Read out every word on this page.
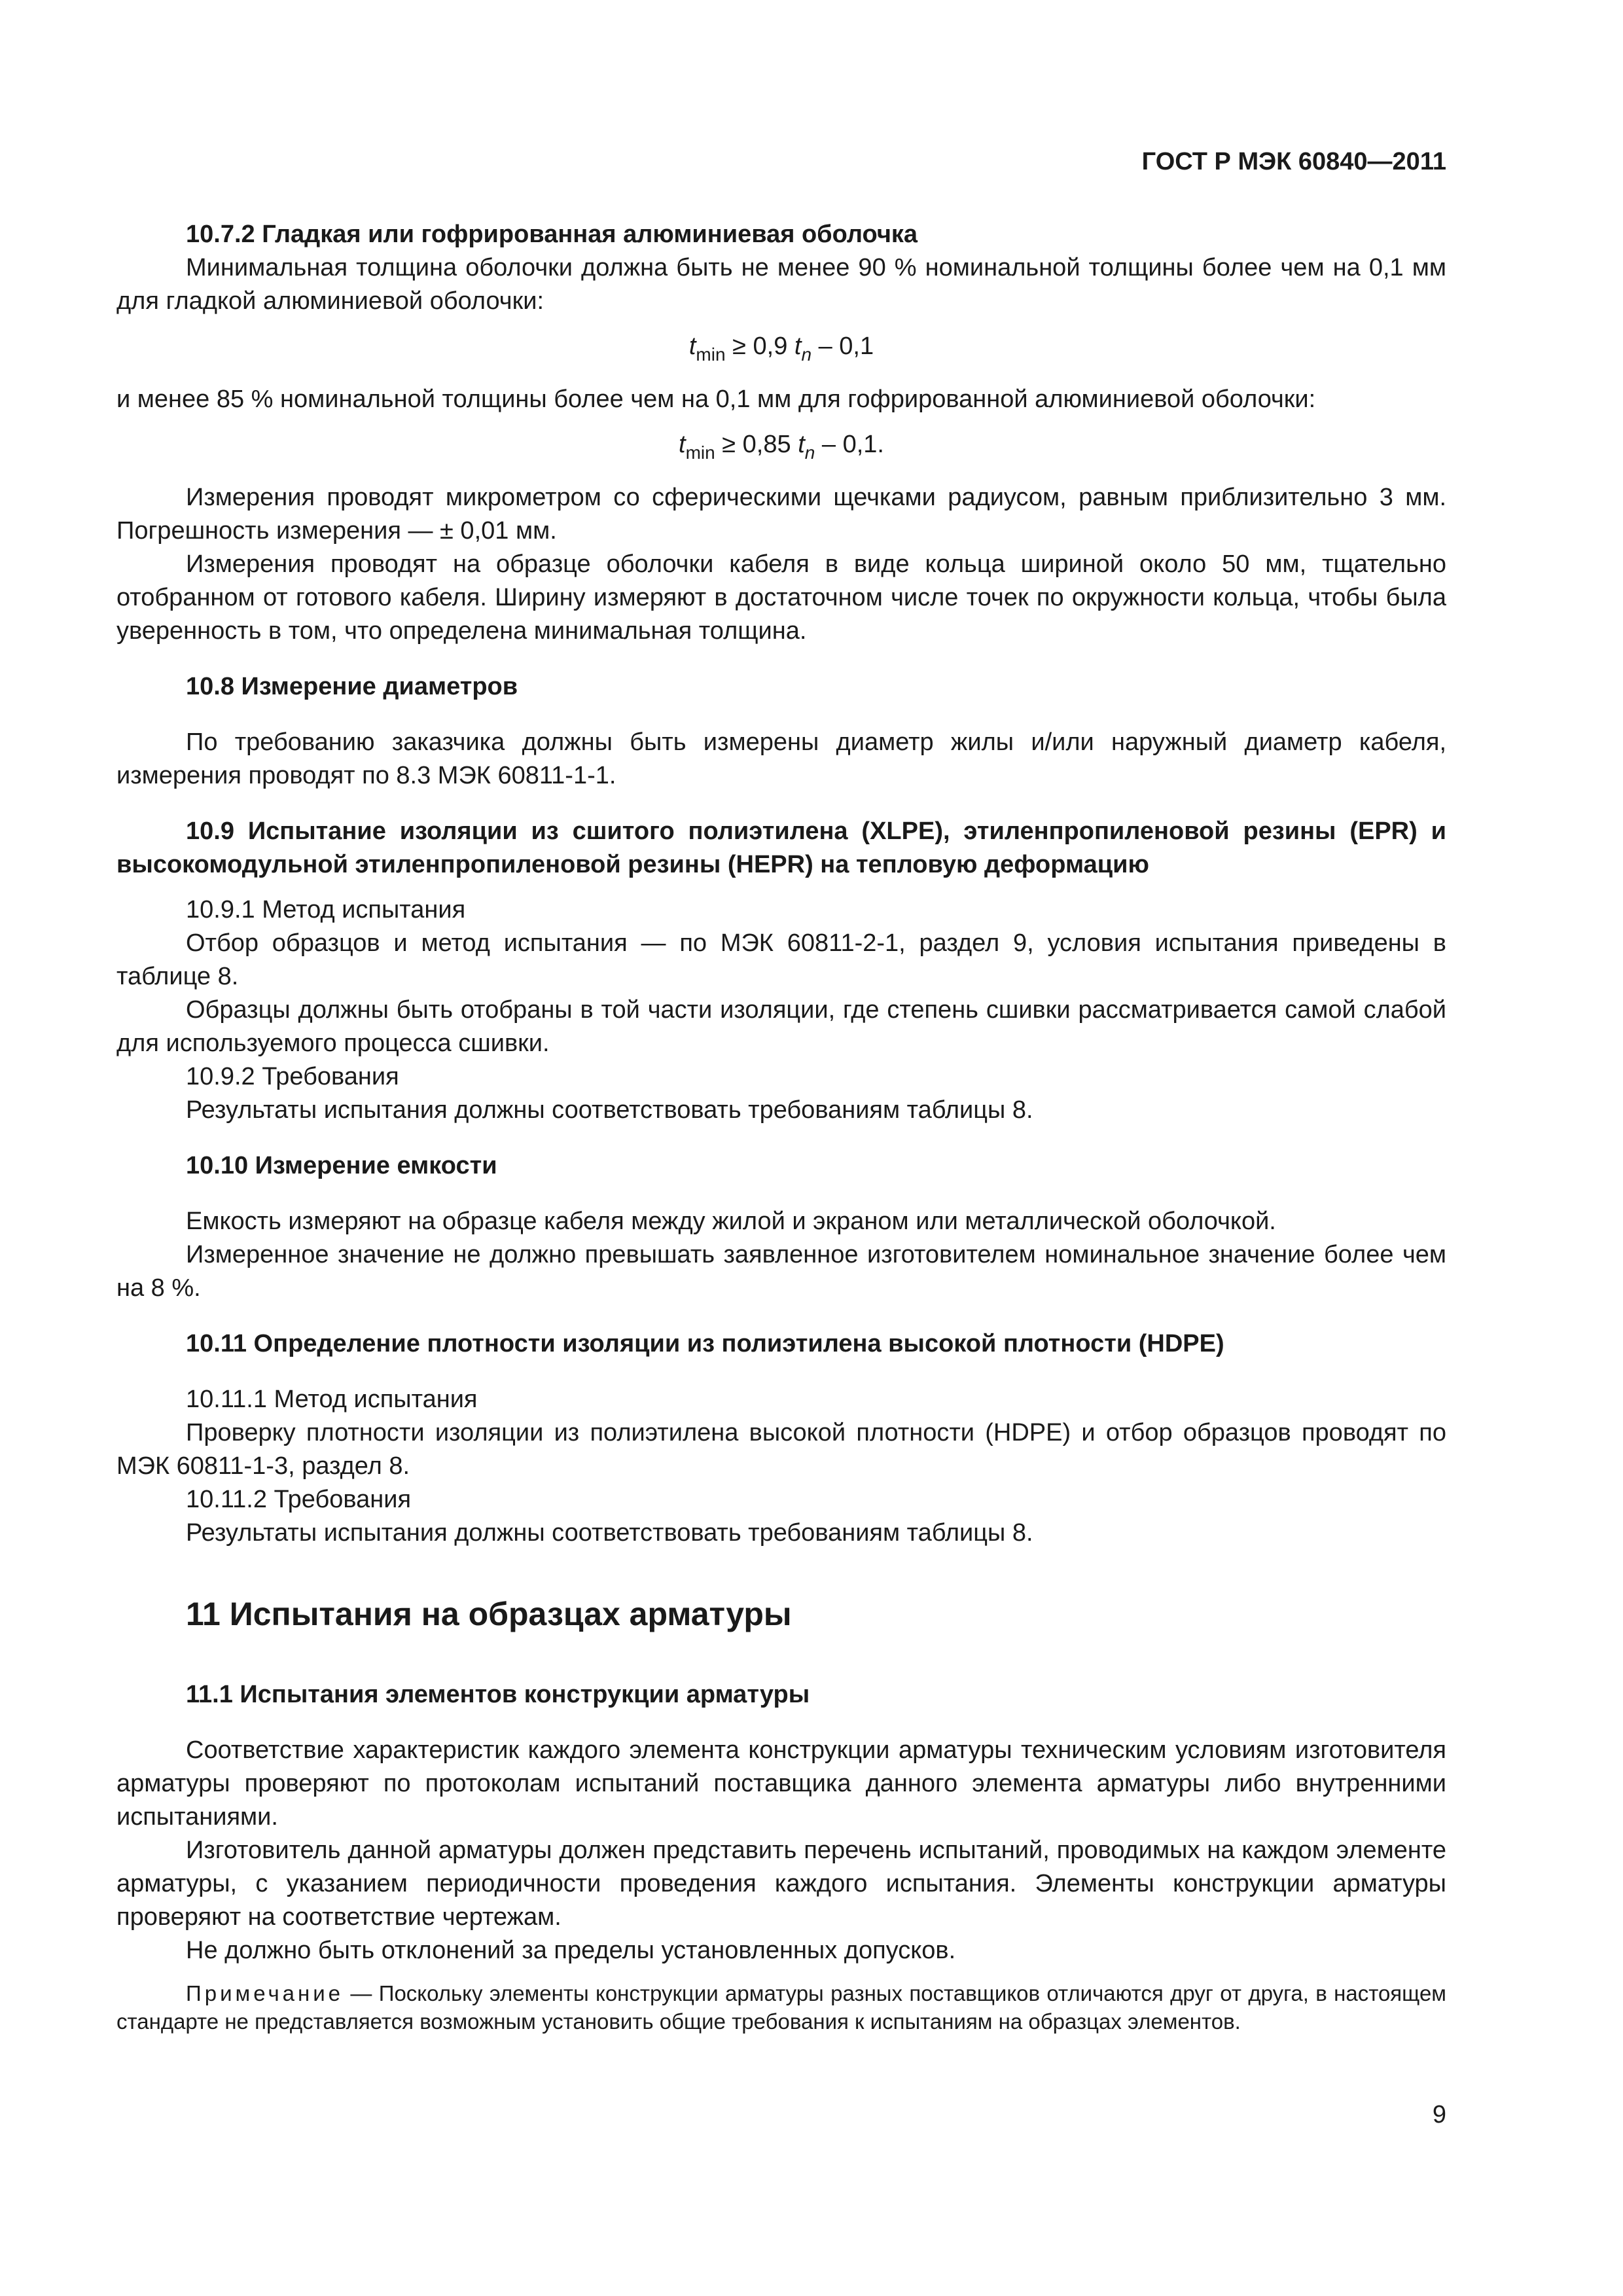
ГОСТ Р МЭК 60840—2011
10.7.2 Гладкая или гофрированная алюминиевая оболочка

Минимальная толщина оболочки должна быть не менее 90 % номинальной толщины более чем на 0,1 мм для гладкой алюминиевой оболочки:

$t_{min} \ge 0,9$ $t_n - 0,1$

и менее 85 % номинальной толщины более чем на 0,1 мм для гофрированной алюминиевой оболочки:

$t_{min} \ge 0,85$ $t_n - 0,1$.

Измерения проводят микрометром со сферическими щечками радиусом, равным приблизительно 3 мм. Погрешность измерения — ± 0,01 мм.

Измерения проводят на образце оболочки кабеля в виде кольца шириной около 50 мм, тщательно отобранном от готового кабеля. Ширину измеряют в достаточном числе точек по окружности кольца, чтобы была уверенность в том, что определена минимальная толщина.

10.8 Измерение диаметров

По требованию заказчика должны быть измерены диаметр жилы и/или наружный диаметр кабеля, измерения проводят по 8.3 МЭК 60811-1-1.

10.9 Испытание изоляции из сшитого полиэтилена (XLPE), этиленпропиленовой резины (EPR) и высокомодульной этиленпропиленовой резины (HEPR) на тепловую деформацию

10.9.1 Метод испытания

Отбор образцов и метод испытания — по МЭК 60811-2-1, раздел 9, условия испытания приведены в таблице 8.

Образцы должны быть отобраны в той части изоляции, где степень сшивки рассматривается самой слабой для используемого процесса сшивки.

10.9.2 Требования

Результаты испытания должны соответствовать требованиям таблицы 8.

10.10 Измерение емкости

Емкость измеряют на образце кабеля между жилой и экраном или металлической оболочкой.

Измеренное значение не должно превышать заявленное изготовителем номинальное значение более чем на 8 %.

10.11 Определение плотности изоляции из полиэтилена высокой плотности (HDPE)

10.11.1 Метод испытания

Проверку плотности изоляции из полиэтилена высокой плотности (HDPE) и отбор образцов проводят по МЭК 60811-1-3, раздел 8.

10.11.2 Требования

Результаты испытания должны соответствовать требованиям таблицы 8.

11 Испытания на образцах арматуры
11.1 Испытания элементов конструкции арматуры

Соответствие характеристик каждого элемента конструкции арматуры техническим условиям изготовителя арматуры проверяют по протоколам испытаний поставщика данного элемента арматуры либо внутренними испытаниями.

Изготовитель данной арматуры должен представить перечень испытаний, проводимых на каждом элементе арматуры, с указанием периодичности проведения каждого испытания. Элементы конструкции арматуры проверяют на соответствие чертежам.

Не должно быть отклонений за пределы установленных допусков.

Примечание — Поскольку элементы конструкции арматуры разных поставщиков отличаются друг от друга, в настоящем стандарте не представляется возможным установить общие требования к испытаниям на образцах элементов.

9
